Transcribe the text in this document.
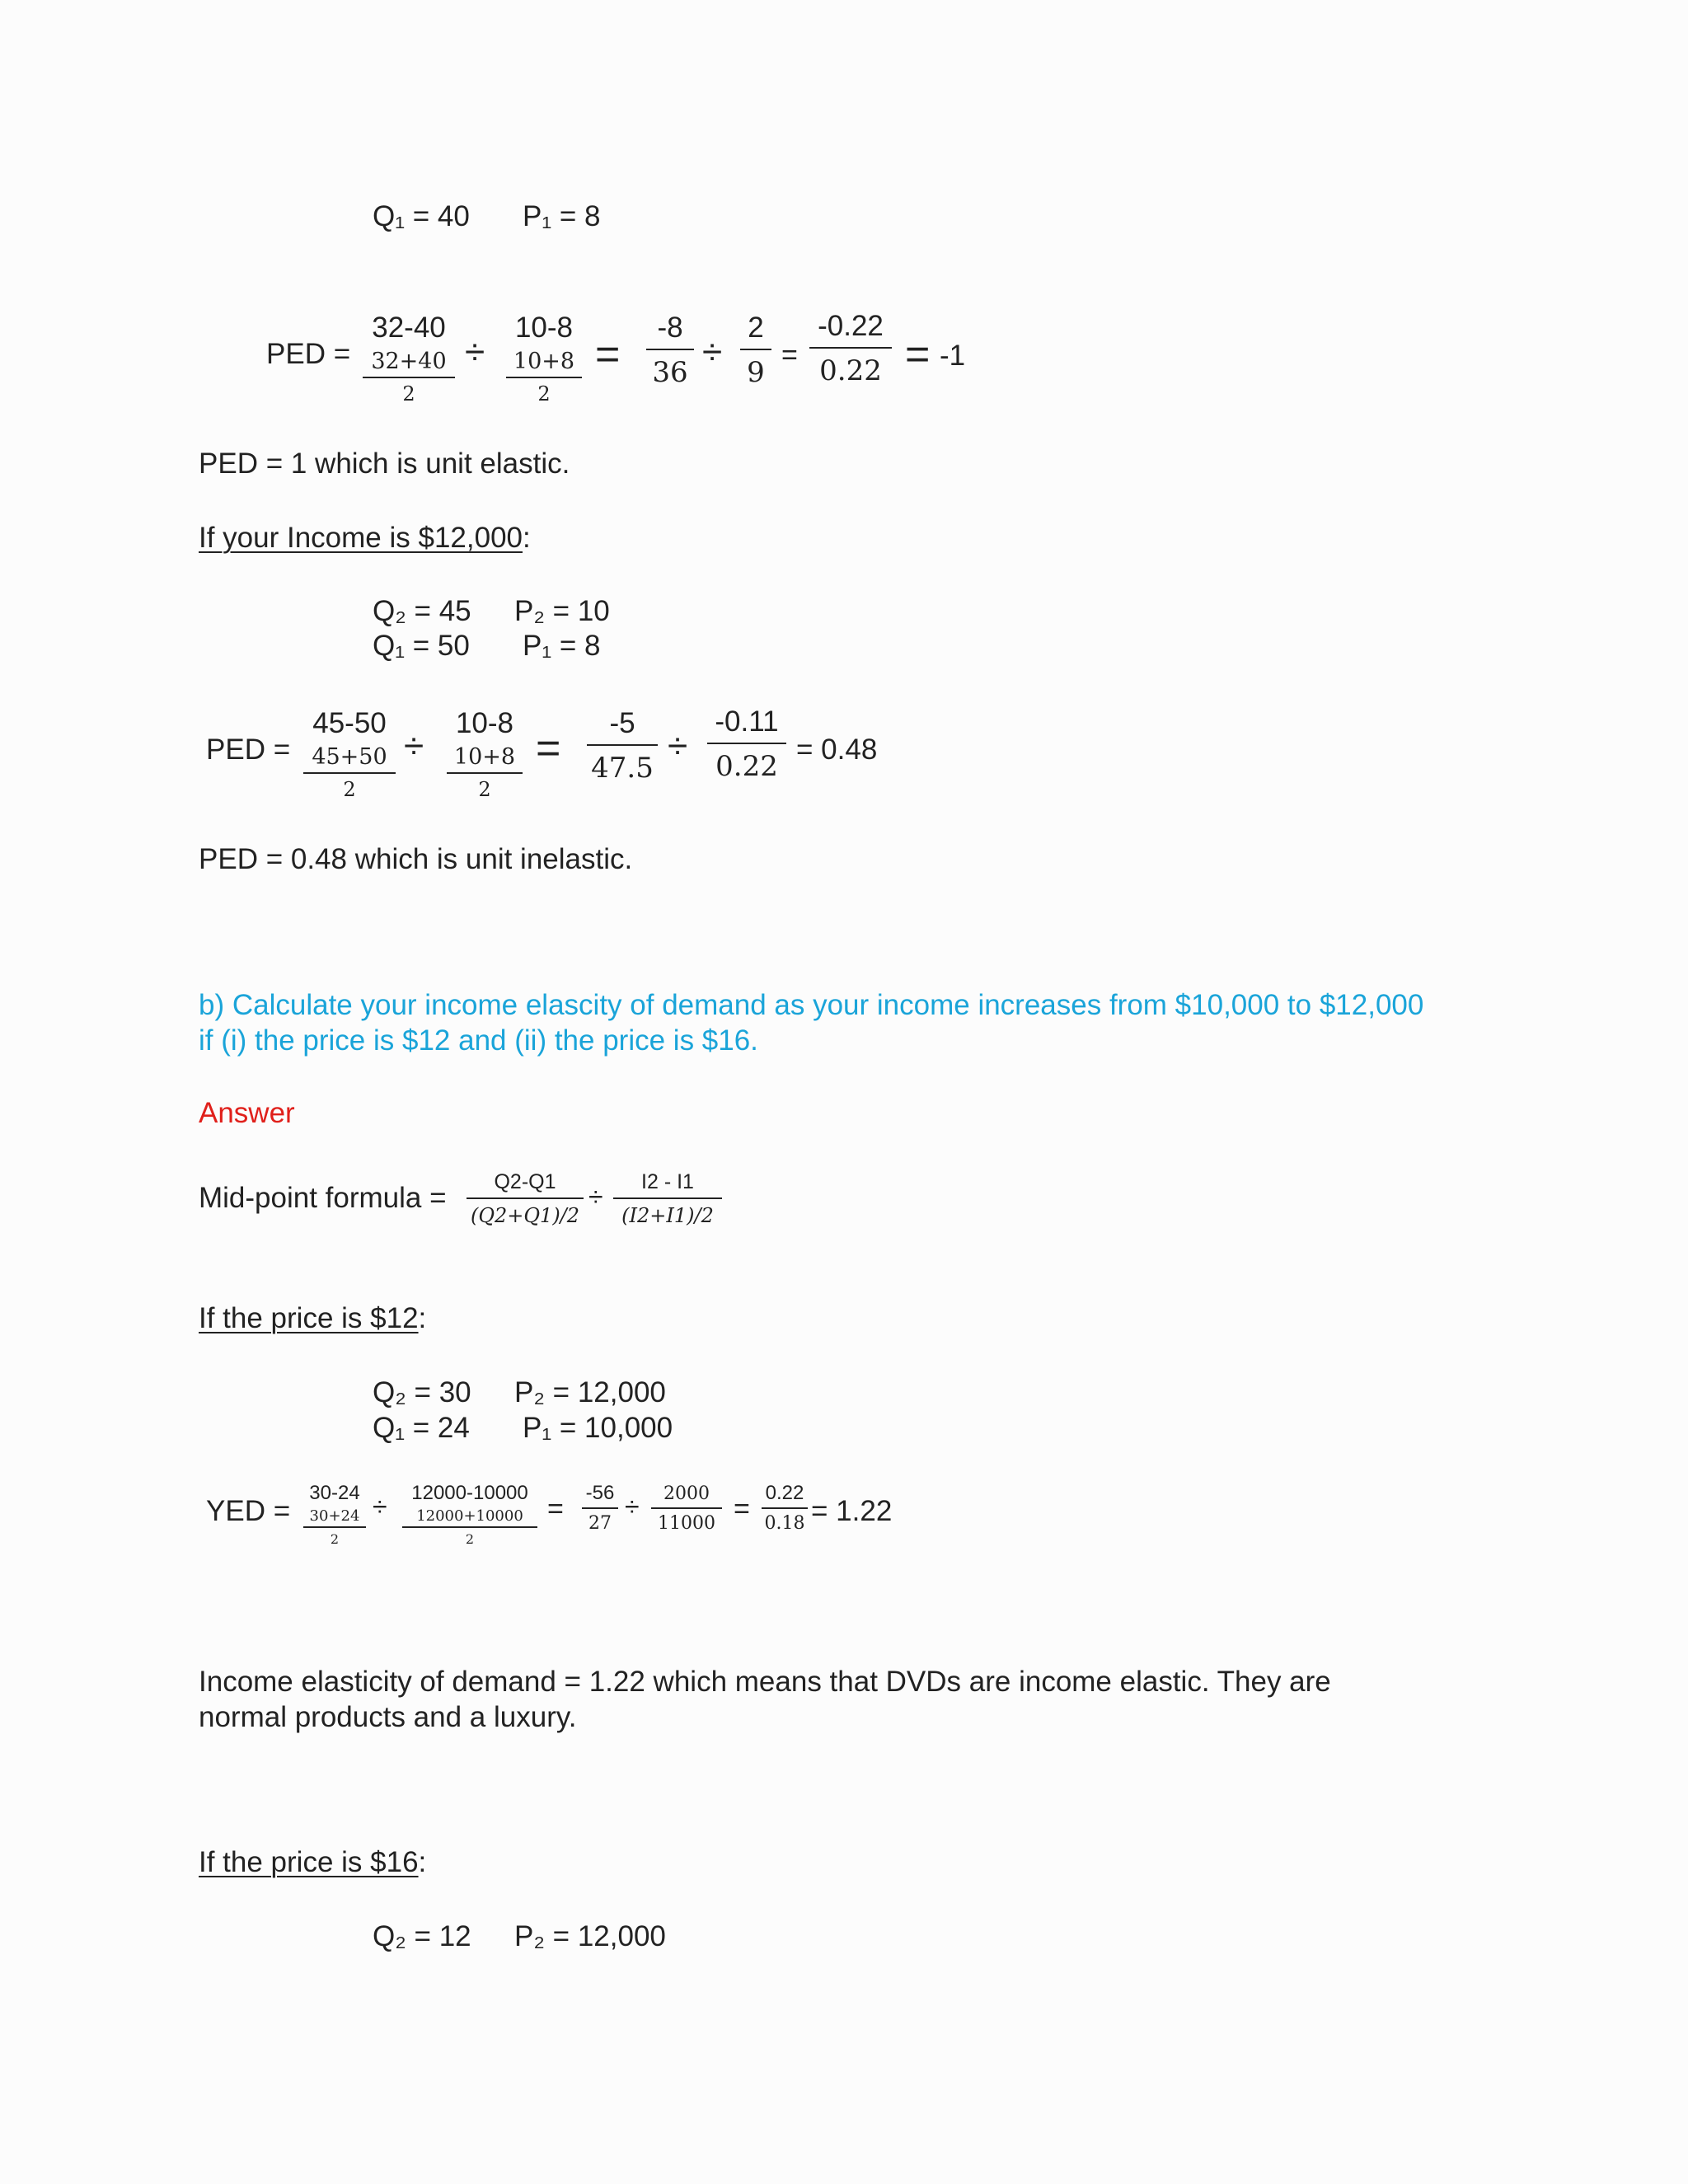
Q₁ = 40 P₁ = 8
PED =
32-40
32+40
2
÷
10-8
10+8
2
=
-8
36 ÷
2
9
=
-0.22
0.22 = -1
PED = 1 which is unit elastic.
If your Income is $12,000:
Q₂ = 45 P₂ = 10
Q₁ = 50 P₁ = 8
PED =
45-50
45+50
2
÷
10-8
10+8
2
=
-5
47.5
÷
-0.11
0.22
= 0.48
PED = 0.48 which is unit inelastic.
b) Calculate your income elascity of demand as your income increases from $10,000 to $12,000
if (i) the price is $12 and (ii) the price is $16.
Answer
Mid-point formula =	Q2-Q1
(Q2+Q1)/2
÷	I2 - I1
(I2+I1)/2
If the price is $12:
Q₂ = 30 P₂ = 12,000
Q₁ = 24 P₁ = 10,000
YED =
30-24
30+24
2
÷	12000-10000
12000+10000
2
=
-56
27
÷	2000
11000 =
0.22
0.18 = 1.22
Income elasticity of demand = 1.22 which means that DVDs are income elastic. They are
normal products and a luxury.
If the price is $16:
Q₂ = 12 P₂ = 12,000
